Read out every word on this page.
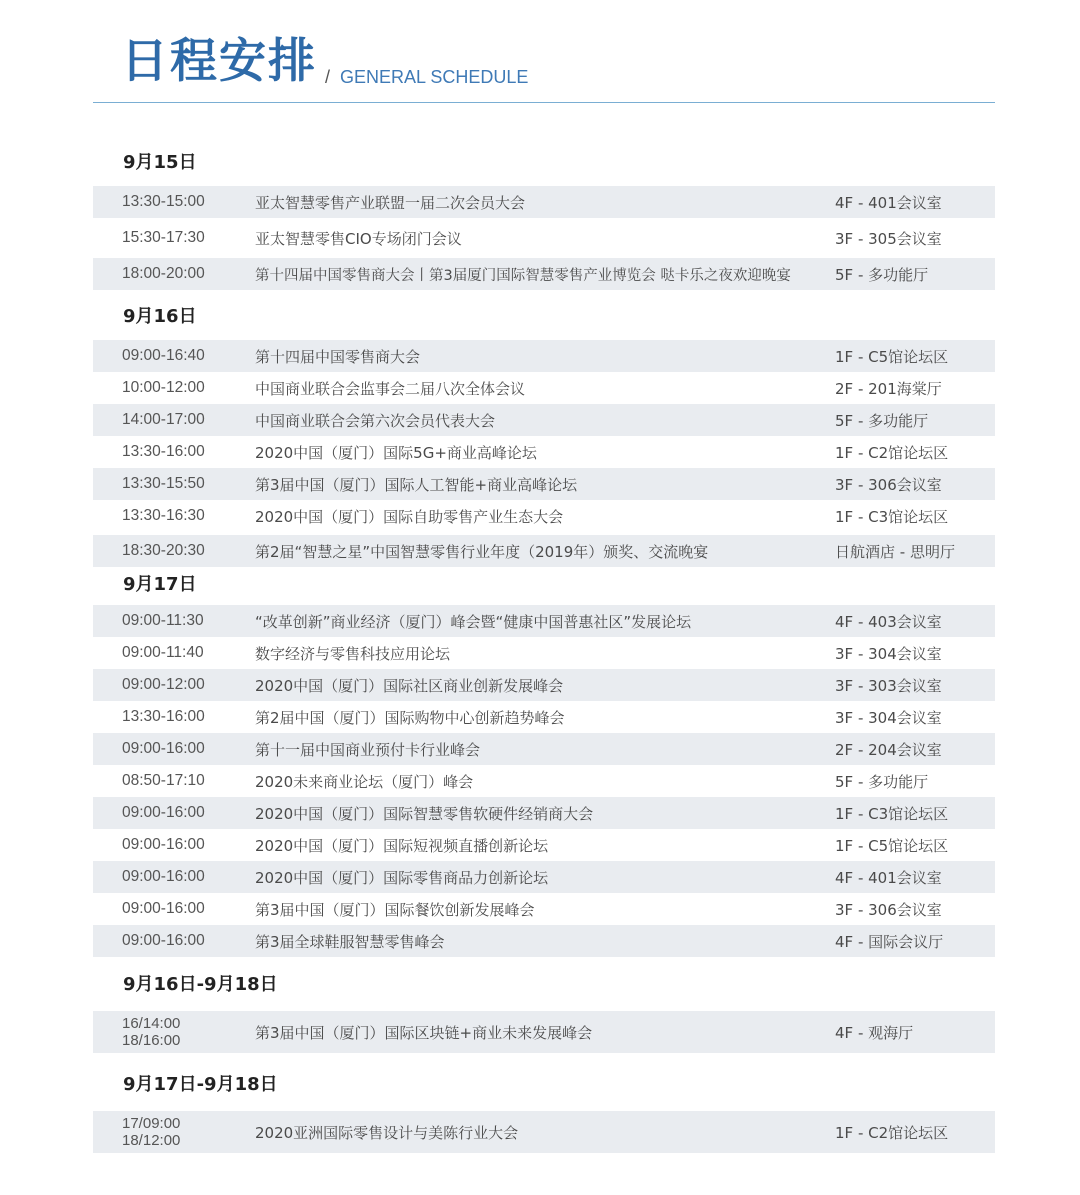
日程安排 / GENERAL SCHEDULE
9月15日
13:30-15:00	亚太智慧零售产业联盟一届二次会员大会	4F - 401会议室
15:30-17:30	亚太智慧零售CIO专场闭门会议	3F - 305会议室
18:00-20:00	第十四届中国零售商大会丨第3届厦门国际智慧零售产业博览会 哒卡乐之夜欢迎晚宴	5F - 多功能厅
9月16日
09:00-16:40	第十四届中国零售商大会	1F - C5馆论坛区
10:00-12:00	中国商业联合会监事会二届八次全体会议	2F - 201海棠厅
14:00-17:00	中国商业联合会第六次会员代表大会	5F - 多功能厅
13:30-16:00	2020中国（厦门）国际5G+商业高峰论坛	1F - C2馆论坛区
13:30-15:50	第3届中国（厦门）国际人工智能+商业高峰论坛	3F - 306会议室
13:30-16:30	2020中国（厦门）国际自助零售产业生态大会	1F - C3馆论坛区
18:30-20:30	第2届“智慧之星”中国智慧零售行业年度（2019年）颁奖、交流晚宴	日航酒店 - 思明厅
9月17日
09:00-11:30	“改革创新”商业经济（厦门）峰会暨“健康中国普惠社区”发展论坛	4F - 403会议室
09:00-11:40	数字经济与零售科技应用论坛	3F - 304会议室
09:00-12:00	2020中国（厦门）国际社区商业创新发展峰会	3F - 303会议室
13:30-16:00	第2届中国（厦门）国际购物中心创新趋势峰会	3F - 304会议室
09:00-16:00	第十一届中国商业预付卡行业峰会	2F - 204会议室
08:50-17:10	2020未来商业论坛（厦门）峰会	5F - 多功能厅
09:00-16:00	2020中国（厦门）国际智慧零售软硬件经销商大会	1F - C3馆论坛区
09:00-16:00	2020中国（厦门）国际短视频直播创新论坛	1F - C5馆论坛区
09:00-16:00	2020中国（厦门）国际零售商品力创新论坛	4F - 401会议室
09:00-16:00	第3届中国（厦门）国际餐饮创新发展峰会	3F - 306会议室
09:00-16:00	第3届全球鞋服智慧零售峰会	4F - 国际会议厅
9月16日-9月18日
16/14:00
18/16:00	第3届中国（厦门）国际区块链+商业未来发展峰会	4F - 观海厅
9月17日-9月18日
17/09:00
18/12:00	2020亚洲国际零售设计与美陈行业大会	1F - C2馆论坛区
